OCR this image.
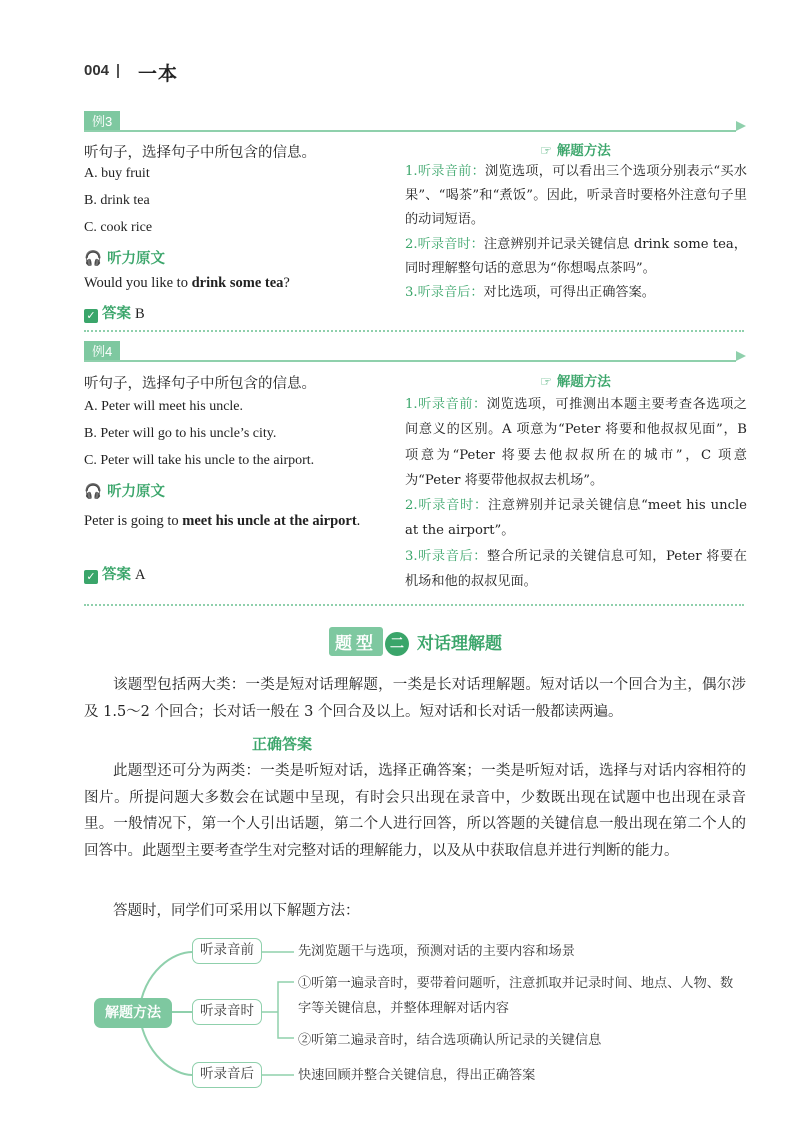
004 一本
例3
听句子，选择句子中所包含的信息。
A. buy fruit
B. drink tea
C. cook rice
🎧 听力原文
Would you like to drink some tea?
✓ 答案 B
☞ 解题方法
1.听录音前：浏览选项，可以看出三个选项分别表示“买水果”、“喝茶”和“煮饭”。因此，听录音时要格外注意句子里的动词短语。
2.听录音时：注意辨别并记录关键信息 drink some tea，同时理解整句话的意思为“你想喝点茶吗”。
3.听录音后：对比选项，可得出正确答案。
例4
听句子，选择句子中所包含的信息。
A. Peter will meet his uncle.
B. Peter will go to his uncle’s city.
C. Peter will take his uncle to the airport.
🎧 听力原文
Peter is going to meet his uncle at the airport.
✓ 答案 A
☞ 解题方法
1.听录音前：浏览选项，可推测出本题主要考查各选项之间意义的区别。A 项意为“Peter 将要和他叔叔见面”，B 项意为“Peter 将要去他叔叔所在的城市”，C 项意为“Peter 将要带他叔叔去机场”。
2.听录音时：注意辨别并记录关键信息“meet his uncle at the airport”。
3.听录音后：整合所记录的关键信息可知，Peter 将要在机场和他的叔叔见面。
题型 二 对话理解题
该题型包括两大类：一类是短对话理解题，一类是长对话理解题。短对话以一个回合为主，偶尔涉及 1.5～2 个回合；长对话一般在 3 个回合及以上。短对话和长对话一般都读两遍。
正确答案
此题型还可分为两类：一类是听短对话，选择正确答案；一类是听短对话，选择与对话内容相符的图片。所提问题大多数会在试题中呈现，有时会只出现在录音中，少数既出现在试题中也出现在录音里。一般情况下，第一个人引出话题，第二个人进行回答，所以答题的关键信息一般出现在第二个人的回答中。此题型主要考查学生对完整对话的理解能力，以及从中获取信息并进行判断的能力。
答题时，同学们可采用以下解题方法：
解题方法
听录音前
听录音时
听录音后
先浏览题干与选项，预测对话的主要内容和场景
①听第一遍录音时，要带着问题听，注意抓取并记录时间、地点、人物、数字等关键信息，并整体理解对话内容
②听第二遍录音时，结合选项确认所记录的关键信息
快速回顾并整合关键信息，得出正确答案
